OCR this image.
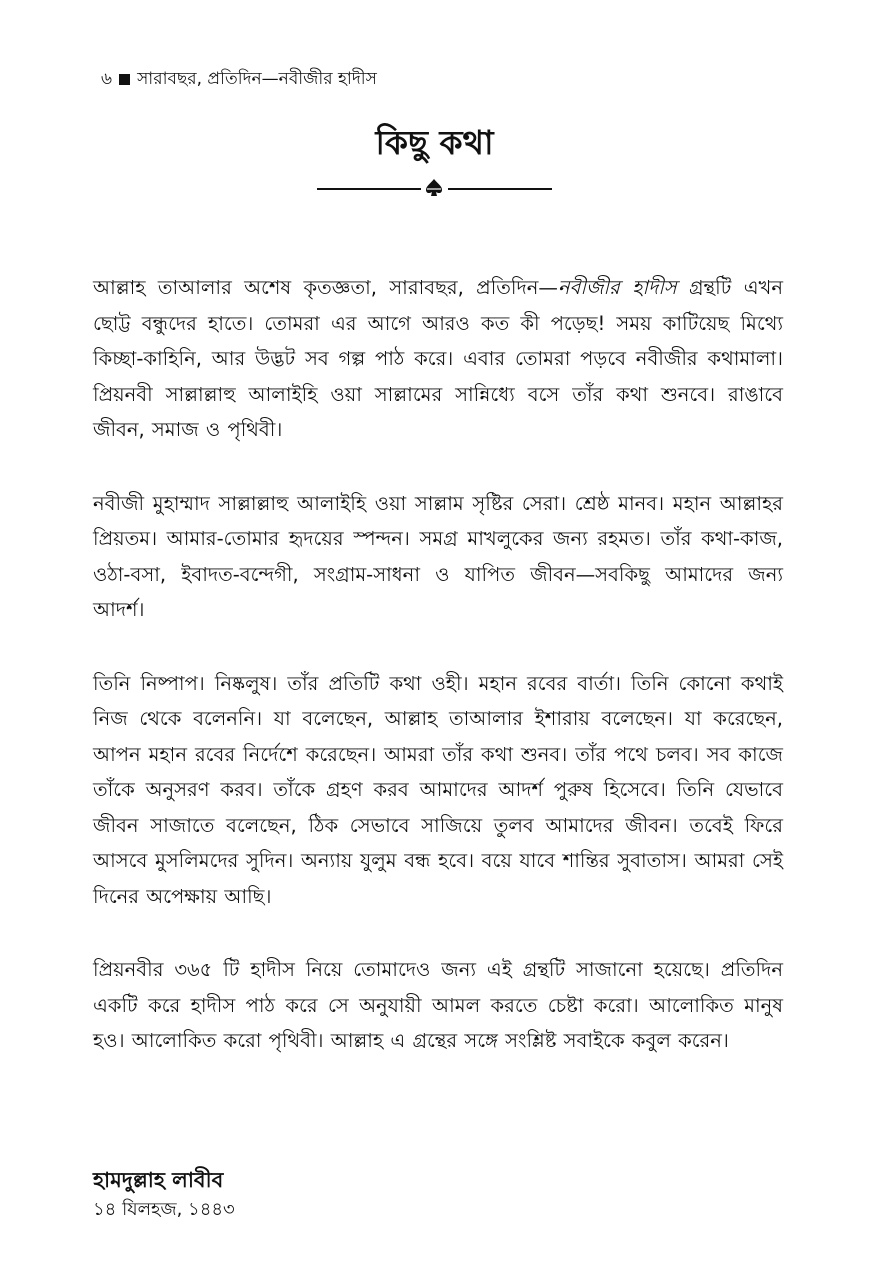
৬ সারাবছর, প্রতিদিন—নবীজীর হাদীস
কিছু কথা

আল্লাহ তাআলার অশেষ কৃতজ্ঞতা, সারাবছর, প্রতিদিন—নবীজীর হাদীস গ্রন্থটি এখন ছোট্ট বন্ধুদের হাতে। তোমরা এর আগে আরও কত কী পড়েছ! সময় কাটিয়েছ মিথ্যে কিচ্ছা-কাহিনি, আর উদ্ভট সব গল্প পাঠ করে। এবার তোমরা পড়বে নবীজীর কথামালা। প্রিয়নবী সাল্লাল্লাহু আলাইহি ওয়া সাল্লামের সান্নিধ্যে বসে তাঁর কথা শুনবে। রাঙাবে জীবন, সমাজ ও পৃথিবী।

নবীজী মুহাম্মাদ সাল্লাল্লাহু আলাইহি ওয়া সাল্লাম সৃষ্টির সেরা। শ্রেষ্ঠ মানব। মহান আল্লাহর প্রিয়তম। আমার-তোমার হৃদয়ের স্পন্দন। সমগ্র মাখলুকের জন্য রহমত। তাঁর কথা-কাজ, ওঠা-বসা, ইবাদত-বন্দেগী, সংগ্রাম-সাধনা ও যাপিত জীবন—সবকিছু আমাদের জন্য আদর্শ।

তিনি নিষ্পাপ। নিষ্কলুষ। তাঁর প্রতিটি কথা ওহী। মহান রবের বার্তা। তিনি কোনো কথাই নিজ থেকে বলেননি। যা বলেছেন, আল্লাহ তাআলার ইশারায় বলেছেন। যা করেছেন, আপন মহান রবের নির্দেশে করেছেন। আমরা তাঁর কথা শুনব। তাঁর পথে চলব। সব কাজে তাঁকে অনুসরণ করব। তাঁকে গ্রহণ করব আমাদের আদর্শ পুরুষ হিসেবে। তিনি যেভাবে জীবন সাজাতে বলেছেন, ঠিক সেভাবে সাজিয়ে তুলব আমাদের জীবন। তবেই ফিরে আসবে মুসলিমদের সুদিন। অন্যায় যুলুম বন্ধ হবে। বয়ে যাবে শান্তির সুবাতাস। আমরা সেই দিনের অপেক্ষায় আছি।

প্রিয়নবীর ৩৬৫ টি হাদীস নিয়ে তোমাদেও জন্য এই গ্রন্থটি সাজানো হয়েছে। প্রতিদিন একটি করে হাদীস পাঠ করে সে অনুযায়ী আমল করতে চেষ্টা করো। আলোকিত মানুষ হও। আলোকিত করো পৃথিবী। আল্লাহ এ গ্রন্থের সঙ্গে সংশ্লিষ্ট সবাইকে কবুল করেন।

হামদুল্লাহ লাবীব
১৪ যিলহজ, ১৪৪৩
